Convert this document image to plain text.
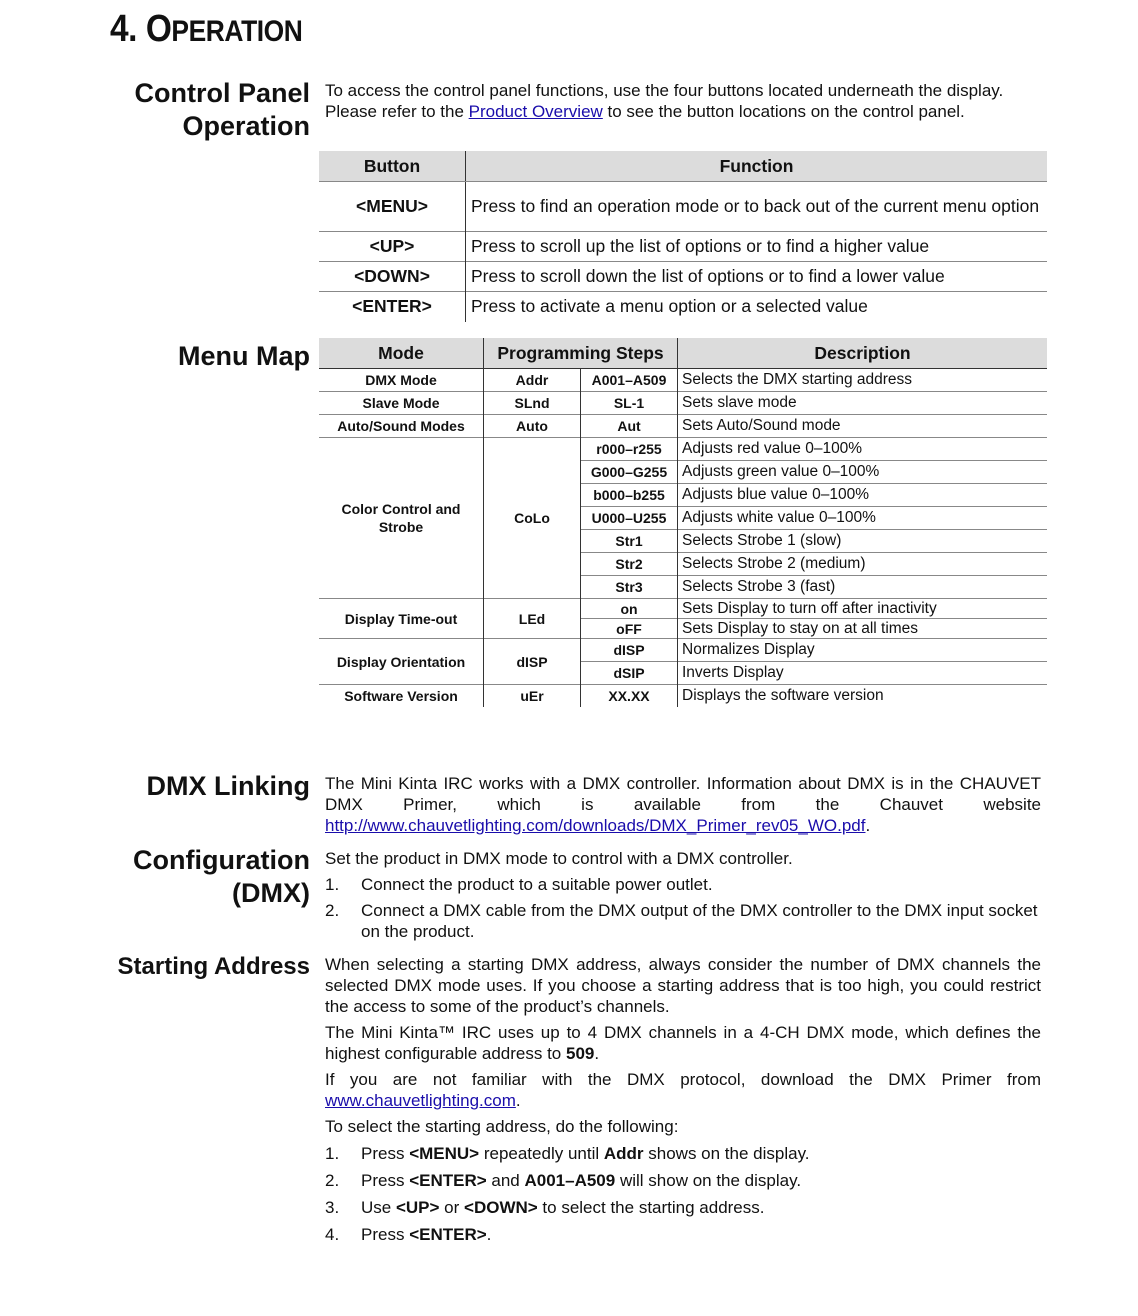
4. OPERATION
Control Panel
Operation

To access the control panel functions, use the four buttons located underneath the display.

Please refer to the Product Overview to see the button locations on the control panel.

Button	Function
<MENU>	Press to find an operation mode or to back out of the current menu option
<UP>	Press to scroll up the list of options or to find a higher value
<DOWN>	Press to scroll down the list of options or to find a lower value
<ENTER>	Press to activate a menu option or a selected value
Menu Map	Mode	Programming Steps		Description
DMX Mode	Addr	A001–A509	Selects the DMX starting address
Slave Mode	SLnd	SL-1	Sets slave mode
Auto/Sound Modes	Auto	Aut	Sets Auto/Sound mode
Color Control and Strobe	CoLo	r000–r255	Adjusts red value 0–100%
		G000–G255	Adjusts green value 0–100%
		b000–b255	Adjusts blue value 0–100%
		U000–U255	Adjusts white value 0–100%
		Str1	Selects Strobe 1 (slow)
		Str2	Selects Strobe 2 (medium)
		Str3	Selects Strobe 3 (fast)
Display Time-out	LEd	on	Sets Display to turn off after inactivity
		oFF	Sets Display to stay on at all times
Display Orientation	dISP	dISP	Normalizes Display
		dSIP	Inverts Display
Software Version	uEr	XX.XX	Displays the software version
DMX Linking The Mini Kinta IRC works with a DMX controller. Information about DMX is in the CHAUVET DMX Primer, which is available from the Chauvet website http://www.chauvetlighting.com/downloads/DMX_Primer_rev05_WO.pdf.
Configuration
(DMX)

Set the product in DMX mode to control with a DMX controller.

1. Connect the product to a suitable power outlet.
2. Connect a DMX cable from the DMX output of the DMX controller to the DMX input socket on the product.
Starting Address When selecting a starting DMX address, always consider the number of DMX channels the selected DMX mode uses. If you choose a starting address that is too high, you could restrict the access to some of the product’s channels.

The Mini Kinta™ IRC uses up to 4 DMX channels in a 4-CH DMX mode, which defines the highest configurable address to 509.

If you are not familiar with the DMX protocol, download the DMX Primer from www.chauvetlighting.com.

To select the starting address, do the following:

1. Press <MENU> repeatedly until Addr shows on the display.
2. Press <ENTER> and A001–A509 will show on the display.
3. Use <UP> or <DOWN> to select the starting address.
4. Press <ENTER>.
